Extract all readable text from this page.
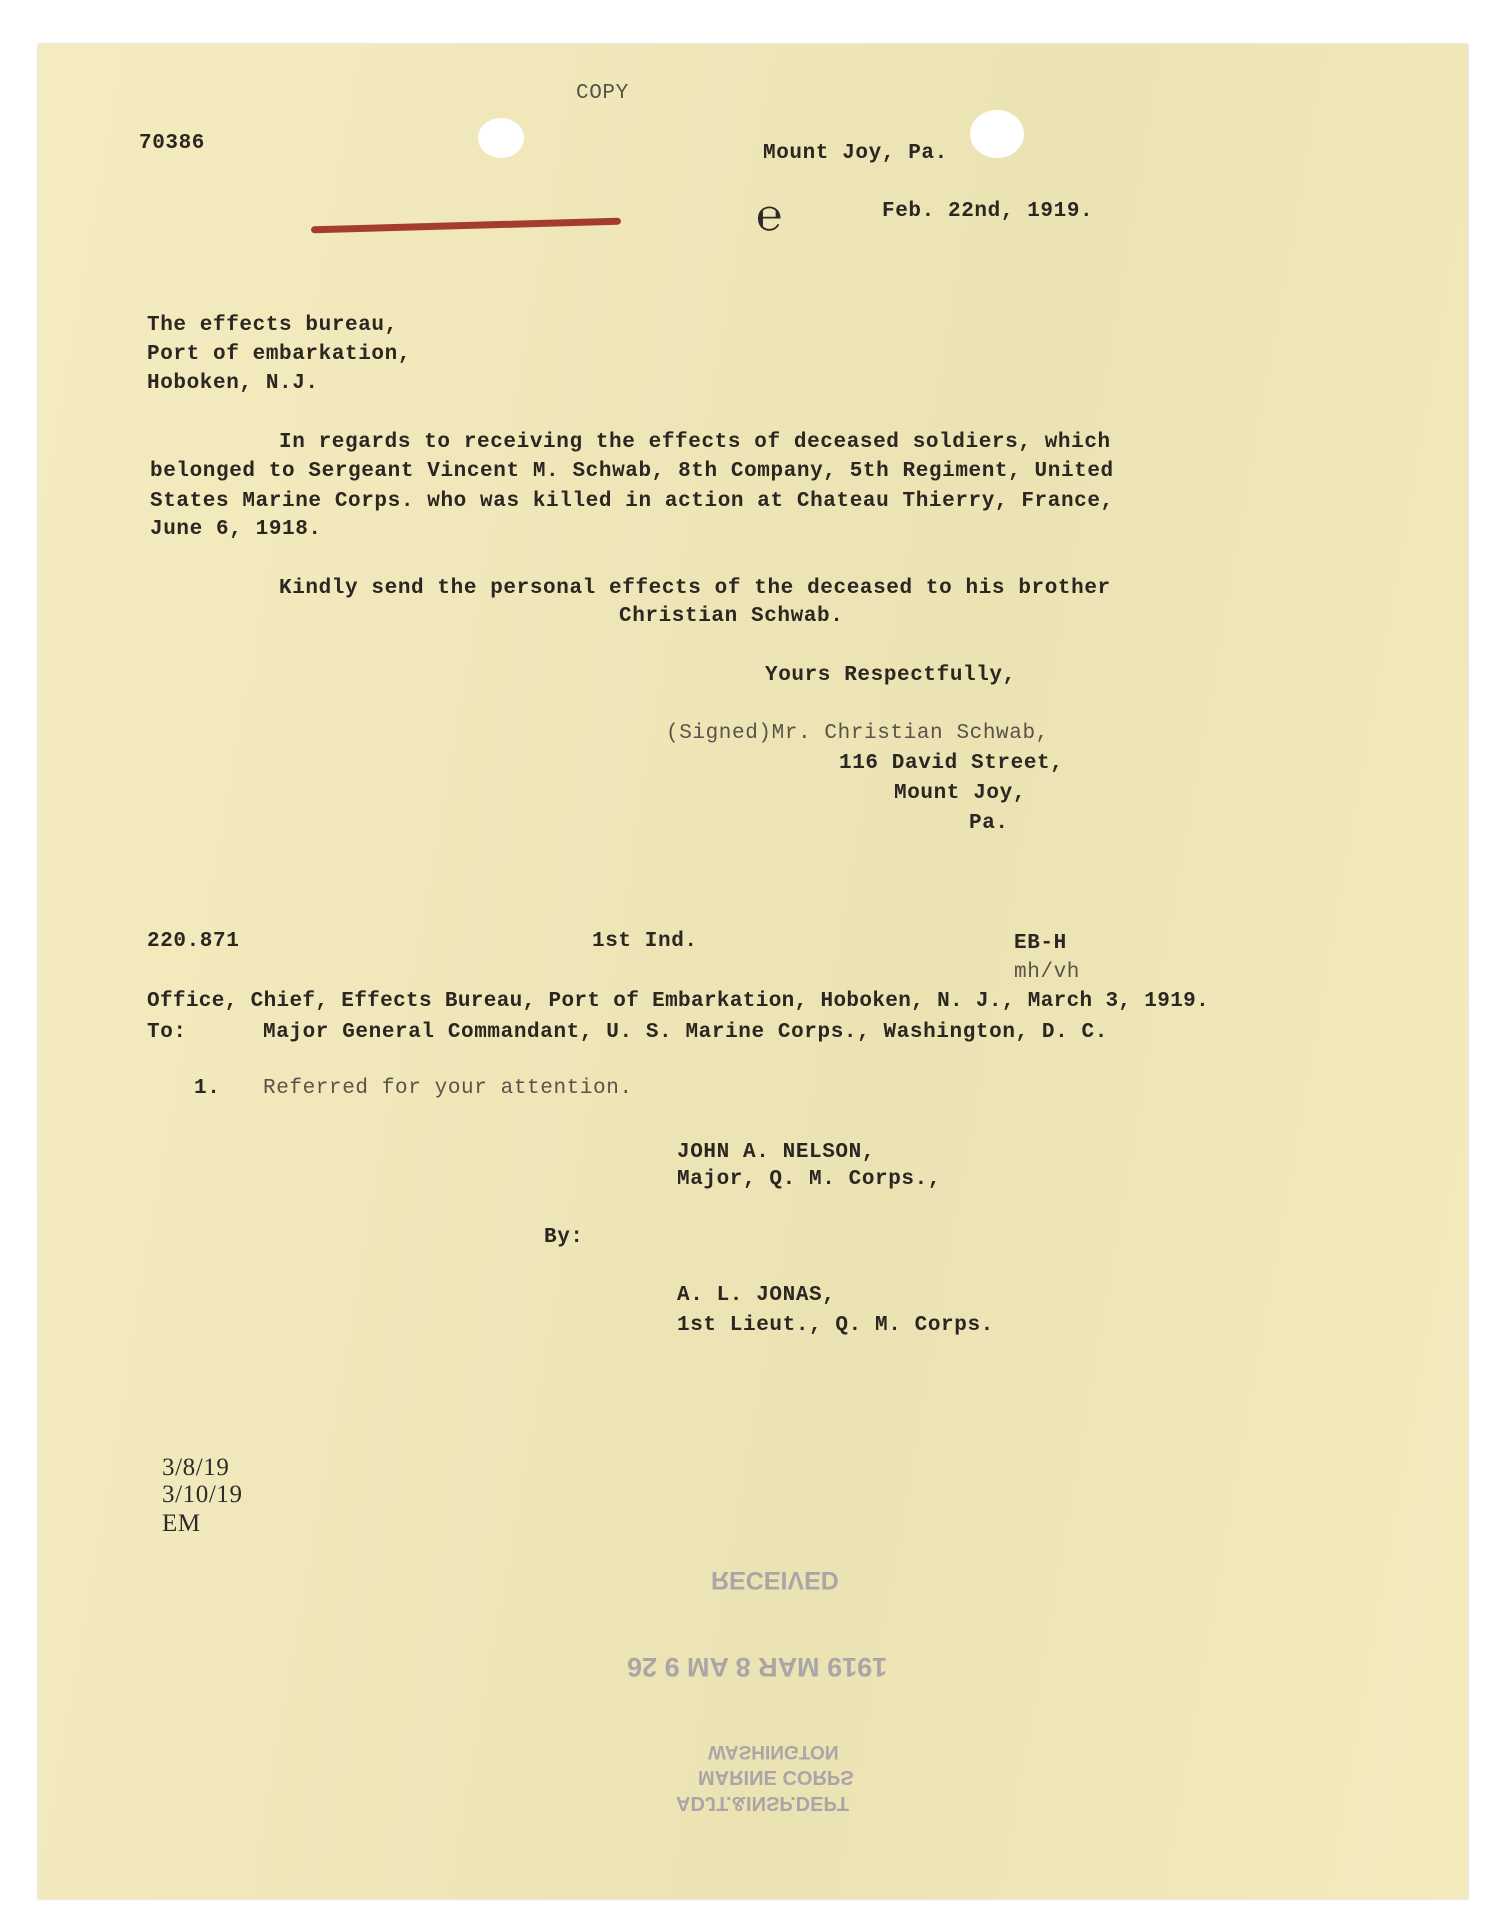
COPY
70386	Mount Joy, Pa.
Feb. 22nd, 1919.
℮
The effects bureau,
Port of embarkation,
Hoboken, N.J.
In regards to receiving the effects of deceased soldiers, which
belonged to Sergeant Vincent M. Schwab, 8th Company, 5th Regiment, United
States Marine Corps. who was killed in action at Chateau Thierry, France,
June 6, 1918.
Kindly send the personal effects of the deceased to his brother
Christian Schwab.
Yours Respectfully,
(Signed)Mr. Christian Schwab,
116 David Street,
Mount Joy,
Pa.
220.871	1st Ind.	EB-H
mh/vh
Office, Chief, Effects Bureau, Port of Embarkation, Hoboken, N. J., March 3, 1919.
To:	Major General Commandant, U. S. Marine Corps., Washington, D. C.
1. Referred for your attention.
JOHN A. NELSON,
Major, Q. M. Corps.,
By:
A. L. JONAS,
1st Lieut., Q. M. Corps.
3/8/19
3/10/19
EM
RECEIVED
1919 MAR 8 AM 9 26
WASHINGTON
MARINE CORPS
ADJT.&INSP.DEPT
